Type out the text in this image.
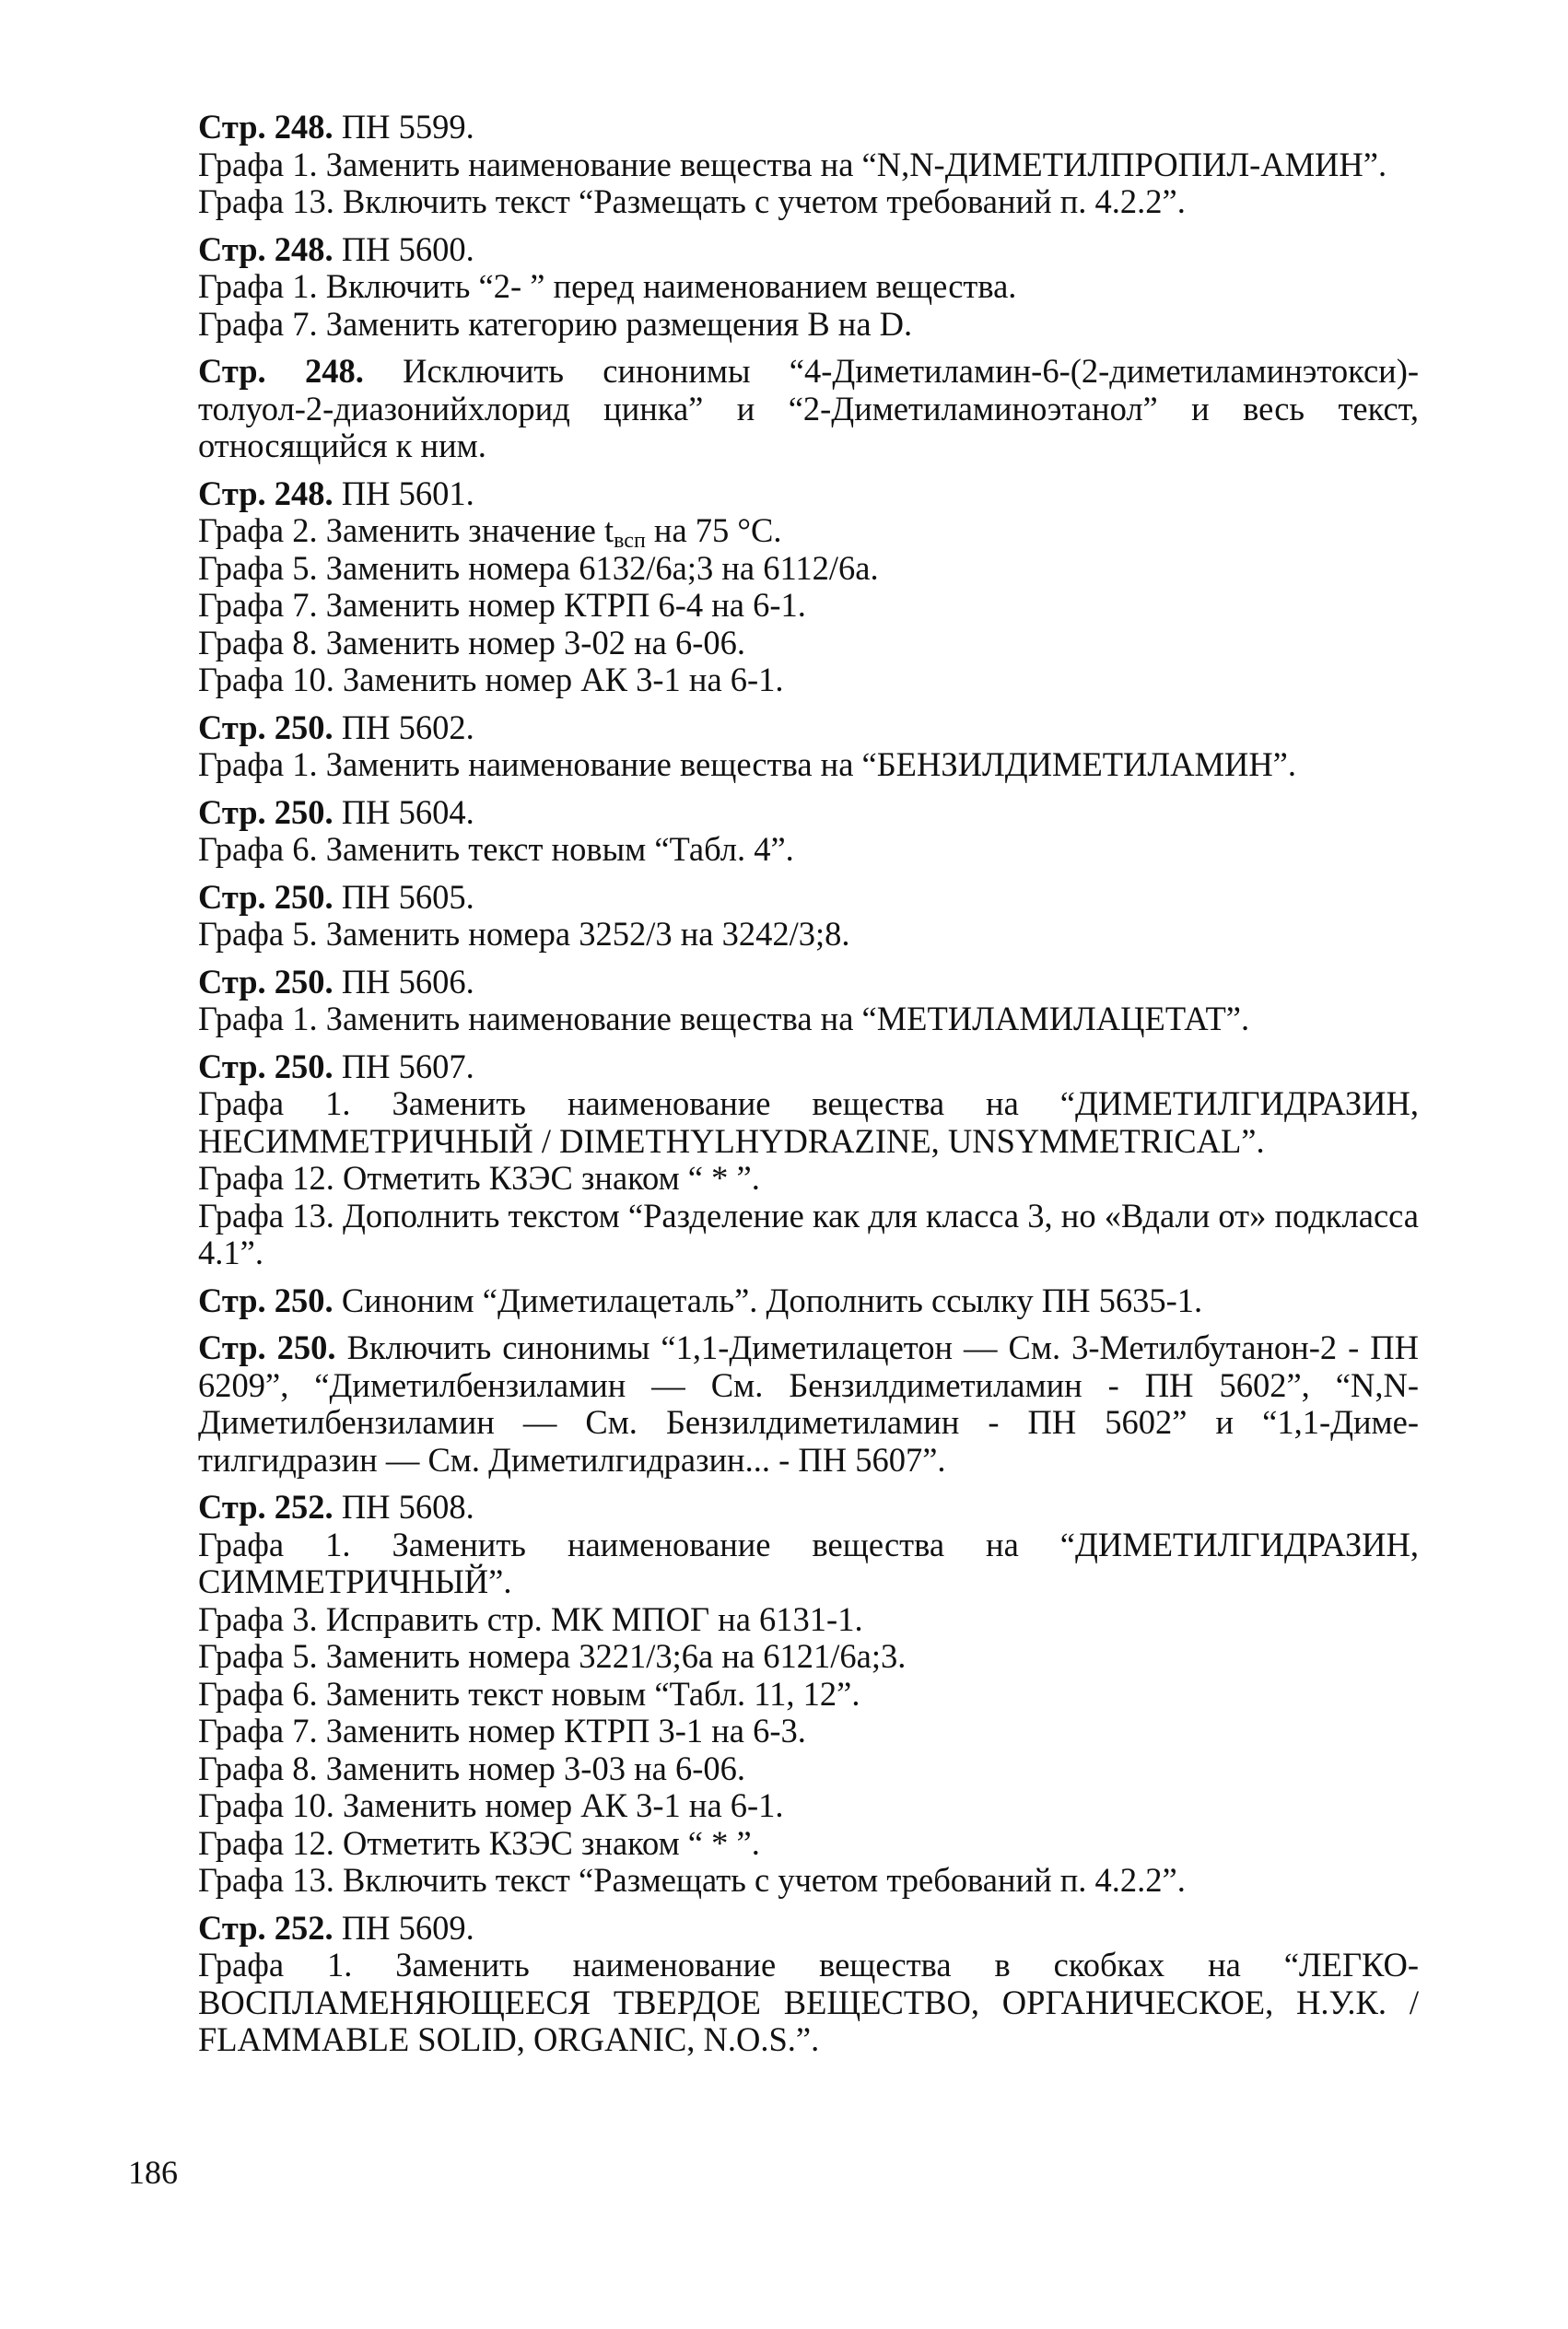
Стр. 248. ПН 5599.

Графа 1. Заменить наименование вещества на “N,N-ДИМЕТИЛПРОПИЛ-АМИН”.

Графа 13. Включить текст “Размещать с учетом требований п. 4.2.2”.

Стр. 248. ПН 5600.

Графа 1. Включить “2- ” перед наименованием вещества.

Графа 7. Заменить категорию размещения В на D.

Стр. 248. Исключить синонимы “4-Диметиламин-6-(2-диметиламинэтокси)-толуол-2-диазонийхлорид цинка” и “2-Диметиламиноэтанол” и весь текст, относящийся к ним.

Стр. 248. ПН 5601.

Графа 2. Заменить значение $t_{всп}$ на 75 °С.

Графа 5. Заменить номера 6132/6а;3 на 6112/6а.

Графа 7. Заменить номер КТРП 6-4 на 6-1.

Графа 8. Заменить номер 3-02 на 6-06.

Графа 10. Заменить номер АК 3-1 на 6-1.

Стр. 250. ПН 5602.

Графа 1. Заменить наименование вещества на “БЕНЗИЛДИМЕТИЛАМИН”.

Стр. 250. ПН 5604.

Графа 6. Заменить текст новым “Табл. 4”.

Стр. 250. ПН 5605.

Графа 5. Заменить номера 3252/3 на 3242/3;8.

Стр. 250. ПН 5606.

Графа 1. Заменить наименование вещества на “МЕТИЛАМИЛАЦЕТАТ”.

Стр. 250. ПН 5607.

Графа 1. Заменить наименование вещества на “ДИМЕТИЛГИДРАЗИН, НЕСИММЕТРИЧНЫЙ / DIMETHYLHYDRAZINE, UNSYMMETRICAL”.

Графа 12. Отметить КЗЭС знаком “ * ”.

Графа 13. Дополнить текстом “Разделение как для класса 3, но «Вдали от» подкласса 4.1”.

Стр. 250. Синоним “Диметилацеталь”. Дополнить ссылку ПН 5635-1.

Стр. 250. Включить синонимы “1,1-Диметилацетон — См. 3-Метилбутанон-2 - ПН 6209”, “Диметилбензиламин — См. Бензилдиметиламин - ПН 5602”, “N,N-Диметилбензиламин — См. Бензилдиметиламин - ПН 5602” и “1,1-Диме-тилгидразин — См. Диметилгидразин... - ПН 5607”.

Стр. 252. ПН 5608.

Графа 1. Заменить наименование вещества на “ДИМЕТИЛГИДРАЗИН, СИММЕТРИЧНЫЙ”.

Графа 3. Исправить стр. МК МПОГ на 6131-1.

Графа 5. Заменить номера 3221/3;6а на 6121/6а;3.

Графа 6. Заменить текст новым “Табл. 11, 12”.

Графа 7. Заменить номер КТРП 3-1 на 6-3.

Графа 8. Заменить номер 3-03 на 6-06.

Графа 10. Заменить номер АК 3-1 на 6-1.

Графа 12. Отметить КЗЭС знаком “ * ”.

Графа 13. Включить текст “Размещать с учетом требований п. 4.2.2”.

Стр. 252. ПН 5609.

Графа 1. Заменить наименование вещества в скобках на “ЛЕГКО-ВОСПЛАМЕНЯЮЩЕЕСЯ ТВЕРДОЕ ВЕЩЕСТВО, ОРГАНИЧЕСКОЕ, Н.У.К. / FLAMMABLE SOLID, ORGANIC, N.O.S.”.

186
